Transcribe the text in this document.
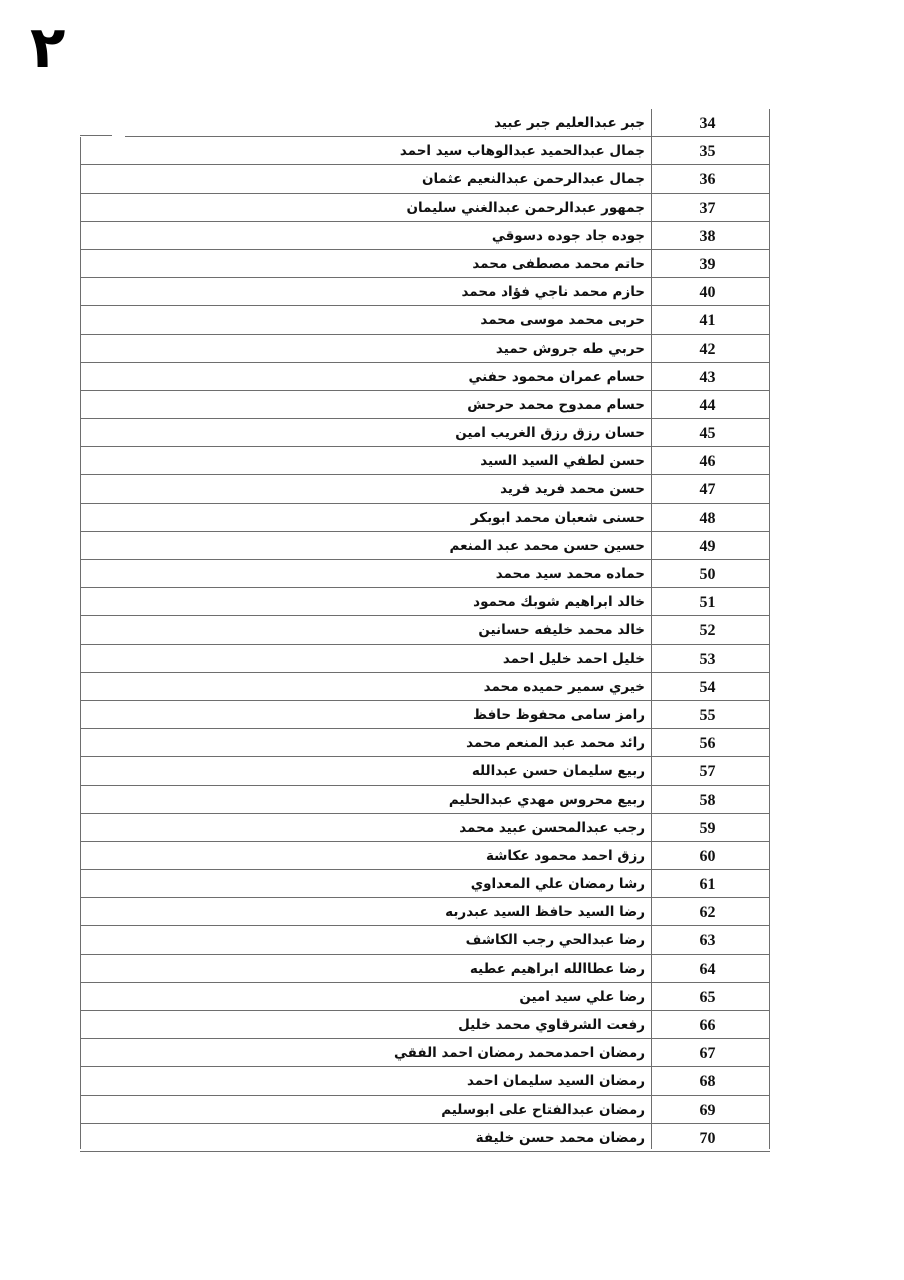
٢
جبر عبدالعليم جبر عبيد	34
جمال عبدالحميد عبدالوهاب سيد احمد	35
جمال عبدالرحمن عبدالنعيم عثمان	36
جمهور عبدالرحمن عبدالغني سليمان	37
جوده جاد جوده دسوقي	38
حاتم محمد مصطفى محمد	39
حازم محمد ناجي فؤاد محمد	40
حربى محمد موسى محمد	41
حربي طه جروش حميد	42
حسام عمران محمود حفني	43
حسام ممدوح محمد حرحش	44
حسان رزق رزق الغريب امين	45
حسن لطفي السيد السيد	46
حسن محمد فريد فريد	47
حسنى شعبان محمد ابوبكر	48
حسين حسن محمد عبد المنعم	49
حماده محمد سيد محمد	50
خالد ابراهيم شوبك محمود	51
خالد محمد خليفه حسانين	52
خليل احمد خليل احمد	53
خيري سمير حميده محمد	54
رامز سامى محفوظ حافظ	55
رائد محمد عبد المنعم محمد	56
ربيع سليمان حسن عبدالله	57
ربيع محروس مهدي عبدالحليم	58
رجب عبدالمحسن عبيد محمد	59
رزق احمد محمود عكاشة	60
رشا رمضان علي المعداوي	61
رضا السيد حافظ السيد عبدربه	62
رضا عبدالحي رجب الكاشف	63
رضا عطاالله ابراهيم عطيه	64
رضا علي سيد امين	65
رفعت الشرقاوي محمد خليل	66
رمضان احمدمحمد رمضان احمد الفقي	67
رمضان السيد سليمان احمد	68
رمضان عبدالفتاح على ابوسليم	69
رمضان محمد حسن خليفة	70
